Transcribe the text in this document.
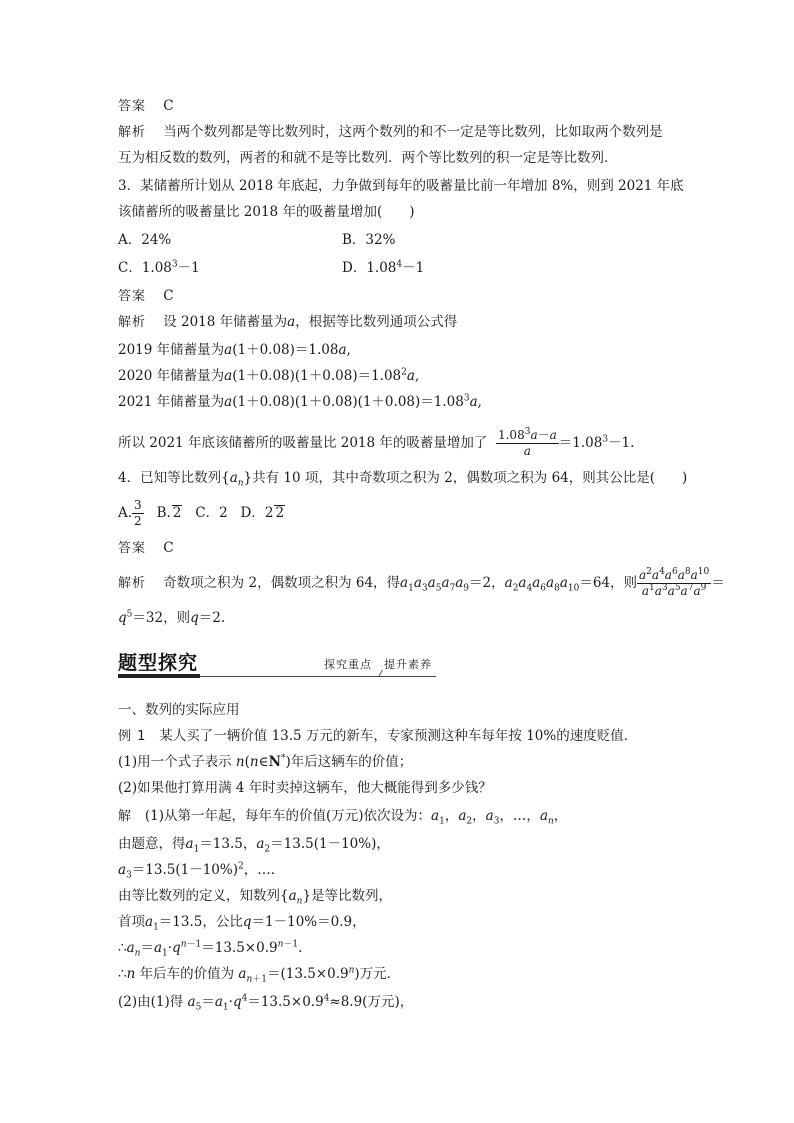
答案 C
解析 当两个数列都是等比数列时，这两个数列的和不一定是等比数列，比如取两个数列是
互为相反数的数列，两者的和就不是等比数列．两个等比数列的积一定是等比数列．
3．某储蓄所计划从 2018 年底起，力争做到每年的吸蓄量比前一年增加 8%，则到 2021 年底
该储蓄所的吸蓄量比 2018 年的吸蓄量增加(　　)
A．24%	B．32%
C．$1.08^3-1$	D．$1.08^4-1$
答案 C
解析 设 2018 年储蓄量为a，根据等比数列通项公式得
2019 年储蓄量为a(1＋0.08)＝1.08a,
2020 年储蓄量为$a(1+0.08)(1+0.08)=1.08^2a$,
2021 年储蓄量为$a(1+0.08)(1+0.08)(1+0.08)=1.08^3a$,
所以 2021 年底该储蓄所的吸蓄量比 2018 年的吸蓄量增加了 $\frac{1.08^3a-a}{a} =1.08^3-1$.
4．已知等比数列$\{a_n\}$共有 10 项，其中奇数项之积为 2，偶数项之积为 64，则其公比是(　　)
A. $\frac{3}{2} B$. 2 C．2 D．2 2
答案 C
解析 奇数项之积为 2，偶数项之积为 64，得$a_1a_3a_5a_7a_9=2$，$a_2a_4a_6a_8a_{10}=64$，则 $\frac{a^2a^4a^6a^8a^{10}}{a^1a^3a^5a^7a^9}$ ＝
$q^5=32$，则q＝2.
题型探究	探究重点　提升素养
一、数列的实际应用
例 1 某人买了一辆价值 13.5 万元的新车，专家预测这种车每年按 10%的速度贬值．
(1)用一个式子表示 n(n∈N*)年后这辆车的价值；
(2)如果他打算用满 4 年时卖掉这辆车，他大概能得到多少钱？
解 (1)从第一年起，每年车的价值(万元)依次设为：$a_1$，$a_2$，$a_3$，…，$a_n$，
由题意，得$a_1=13.5$，$a_2=13.5(1-10\%)$，
$a_3=13.5(1-10\%)^2$，…．
由等比数列的定义，知数列$\{a_n\}$是等比数列，
首项$a_1=13.5$，公比q＝1－10%＝0.9，
$\therefore a_n=a_1\cdot q^{n-1}=13.5\times 0.9^{n-1}$.
∴n 年后车的价值为 $a_{n+1}=(13.5\times 0.9^n)$万元．
(2)由(1)得 $a_5=a_1\cdot q^4=13.5\times 0.9^4\approx 8.9$(万元)，
